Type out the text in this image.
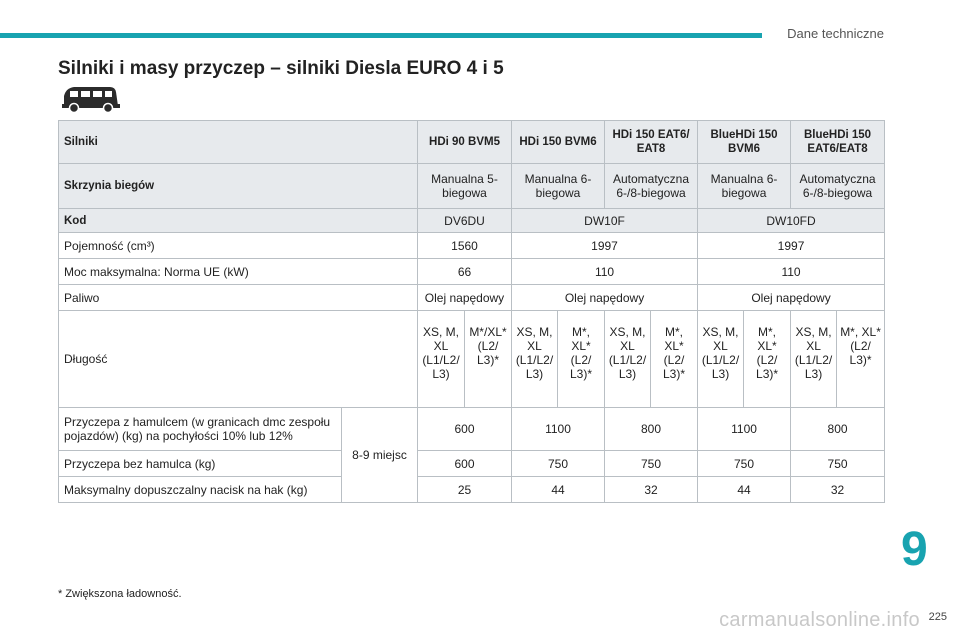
Dane techniczne
Silniki i masy przyczep – silniki Diesla EURO 4 i 5
Silniki		HDi 90 BVM5		HDi 150 BVM6		HDi 150 EAT6/ EAT8		BlueHDi 150 BVM6		BlueHDi 150 EAT6/EAT8	
Skrzynia biegów		Manualna 5-biegowa		Manualna 6-biegowa		Automatyczna 6-/8-biegowa		Manualna 6-biegowa		Automatyczna 6-/8-biegowa	
Kod		DV6DU		DW10F				DW10FD			
Pojemność (cm³)		1560		1997				1997			
Moc maksymalna: Norma UE (kW)		66		110				110			
Paliwo		Olej napędowy		Olej napędowy				Olej napędowy			
Długość		XS, M, XL (L1/L2/ L3)	M*/XL* (L2/ L3)*	XS, M, XL (L1/L2/ L3)	M*, XL* (L2/ L3)*	XS, M, XL (L1/L2/ L3)	M*, XL* (L2/ L3)*	XS, M, XL (L1/L2/ L3)	M*, XL* (L2/ L3)*	XS, M, XL (L1/L2/ L3)	M*, XL* (L2/ L3)*
Przyczepa z hamulcem (w granicach dmc zespołu pojazdów) (kg) na pochyłości 10% lub 12%	8-9 miejsc	600		1100		800		1100		800	
Przyczepa bez hamulca (kg)		600		750		750		750		750	
Maksymalny dopuszczalny nacisk na hak (kg)		25		44		32		44		32	
* Zwiększona ładowność.
9
carmanualsonline.info 225
